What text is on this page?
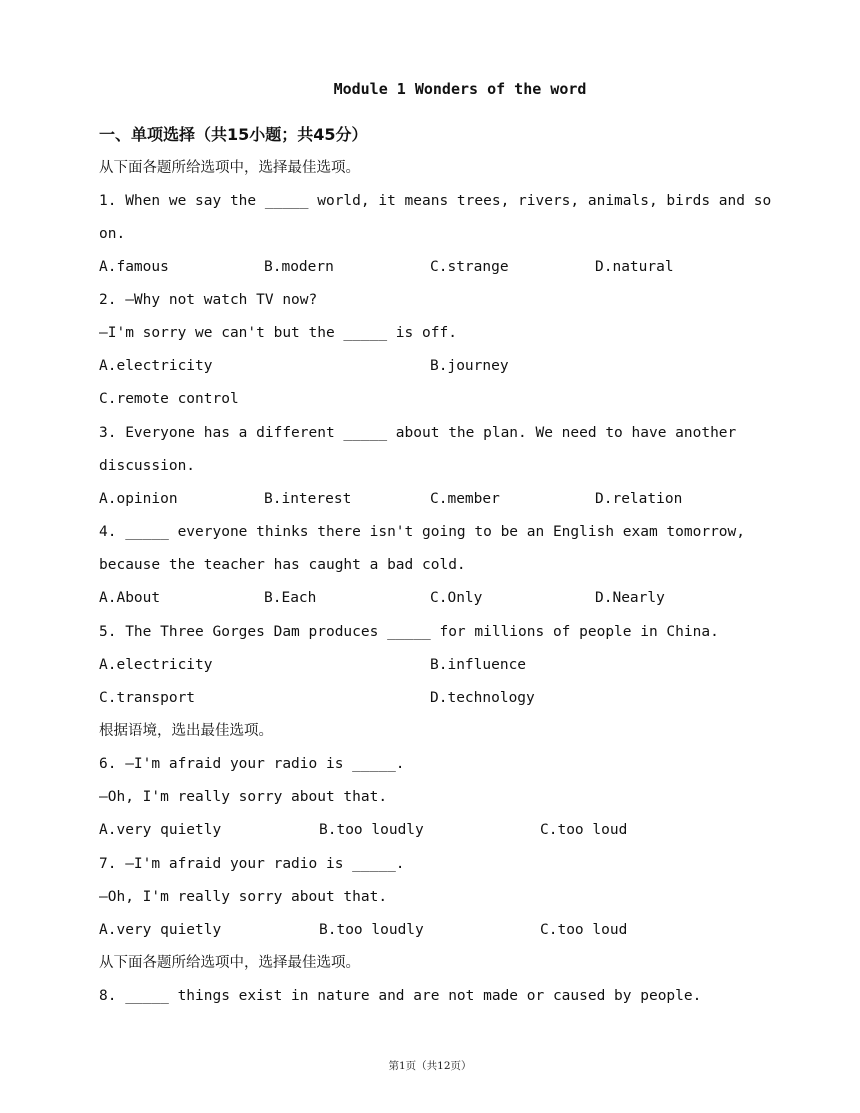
Module 1 Wonders of the word
一、单项选择（共15小题；共45分）
从下面各题所给选项中，选择最佳选项。
1. When we say the _____ world, it means trees, rivers, animals, birds and so
on.
A.famous	B.modern	C.strange	D.natural
2. —Why not watch TV now?
—I'm sorry we can't but the _____ is off.
A.electricity	B.journey
C.remote control
3. Everyone has a different _____ about the plan. We need to have another
discussion.
A.opinion	B.interest	C.member	D.relation
4. _____ everyone thinks there isn't going to be an English exam tomorrow,
because the teacher has caught a bad cold.
A.About	B.Each	C.Only	D.Nearly
5. The Three Gorges Dam produces _____ for millions of people in China.
A.electricity	B.influence
C.transport	D.technology
根据语境，选出最佳选项。
6. —I'm afraid your radio is _____.
—Oh, I'm really sorry about that.
A.very quietly	B.too loudly	C.too loud
7. —I'm afraid your radio is _____.
—Oh, I'm really sorry about that.
A.very quietly	B.too loudly	C.too loud
从下面各题所给选项中，选择最佳选项。
8. _____ things exist in nature and are not made or caused by people.
第1页（共12页）
